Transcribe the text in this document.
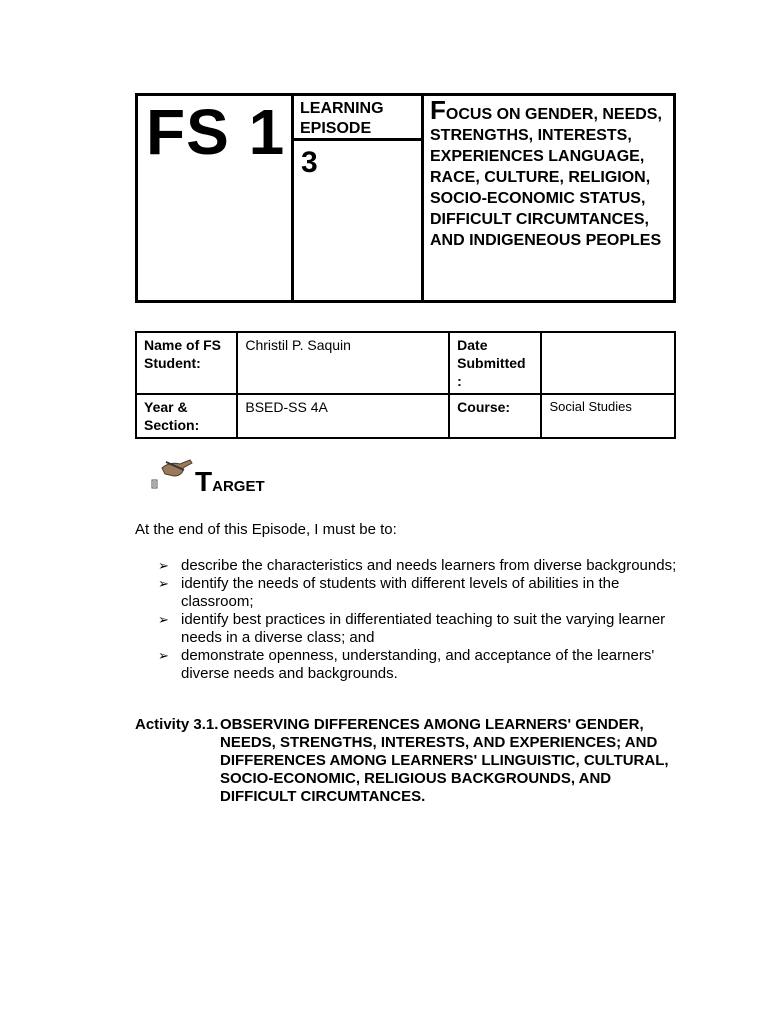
FS 1 LEARNING EPISODE
3
FOCUS ON GENDER, NEEDS, STRENGTHS, INTERESTS, EXPERIENCES LANGUAGE, RACE, CULTURE, RELIGION, SOCIO-ECONOMIC STATUS, DIFFICULT CIRCUMTANCES, AND INDIGENEOUS PEOPLES
Name of FS Student:	Christil P. Saquin	Date Submitted :	
Year & Section:	BSED-SS 4A	Course:	Social Studies
TARGET
At the end of this Episode, I must be to:
➢ describe the characteristics and needs learners from diverse backgrounds;
➢ identify the needs of students with different levels of abilities in the classroom;
➢ identify best practices in differentiated teaching to suit the varying learner needs in a diverse class; and
➢ demonstrate openness, understanding, and acceptance of the learners' diverse needs and backgrounds.
Activity 3.1. OBSERVING DIFFERENCES AMONG LEARNERS' GENDER, NEEDS, STRENGTHS, INTERESTS, AND EXPERIENCES; AND DIFFERENCES AMONG LEARNERS' LLINGUISTIC, CULTURAL, SOCIO-ECONOMIC, RELIGIOUS BACKGROUNDS, AND DIFFICULT CIRCUMTANCES.
